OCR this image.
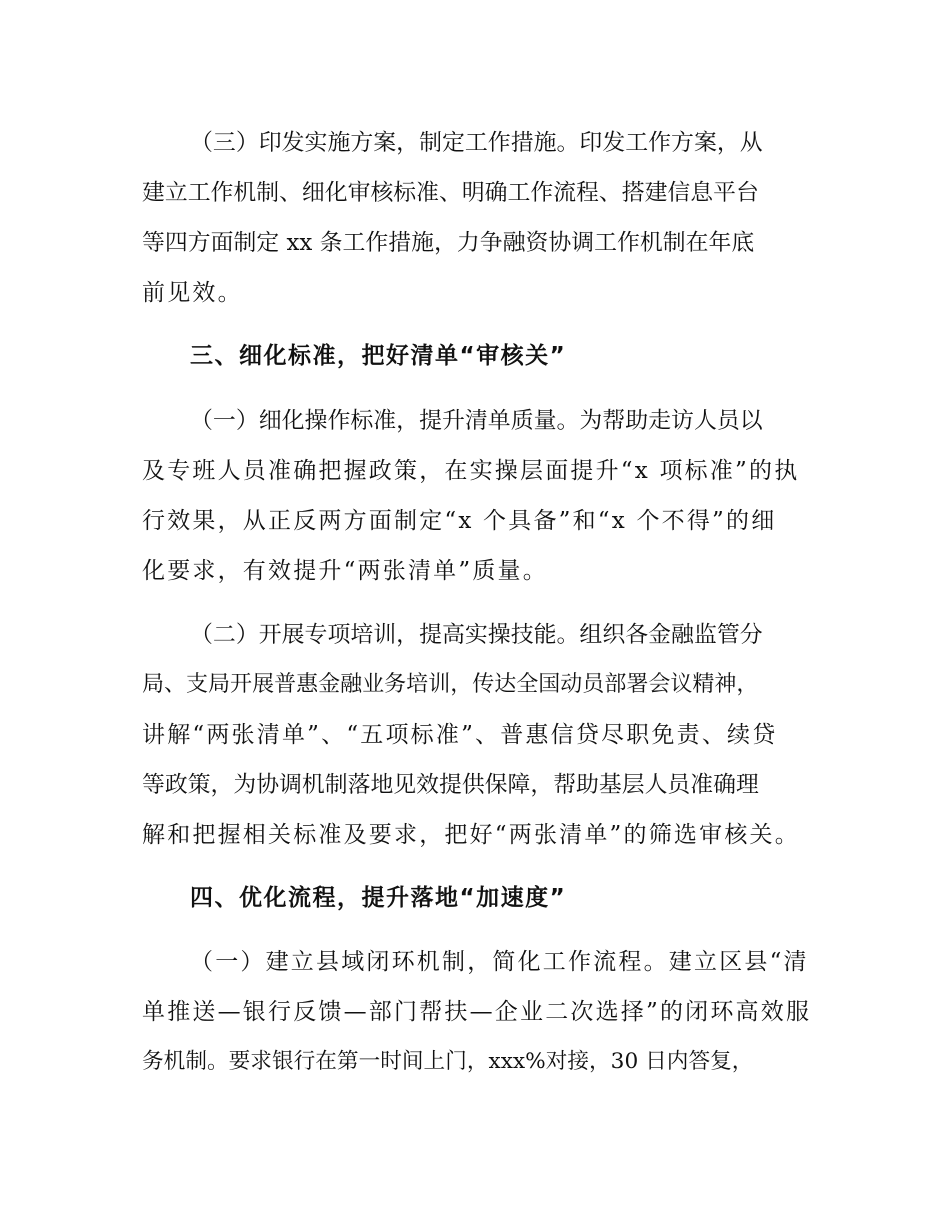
（三）印发实施方案，制定工作措施。印发工作方案，从
建立工作机制、细化审核标准、明确工作流程、搭建信息平台
等四方面制定 xx 条工作措施，力争融资协调工作机制在年底
前见效。
三、细化标准，把好清单“审核关”
（一）细化操作标准，提升清单质量。为帮助走访人员以
及专班人员准确把握政策，在实操层面提升“x 项标准”的执
行效果，从正反两方面制定“x 个具备”和“x 个不得”的细
化要求，有效提升“两张清单”质量。
（二）开展专项培训，提高实操技能。组织各金融监管分
局、支局开展普惠金融业务培训，传达全国动员部署会议精神，
讲解“两张清单”、“五项标准”、普惠信贷尽职免责、续贷
等政策，为协调机制落地见效提供保障，帮助基层人员准确理
解和把握相关标准及要求，把好“两张清单”的筛选审核关。
四、优化流程，提升落地“加速度”
（一）建立县域闭环机制，简化工作流程。建立区县“清
单推送—银行反馈—部门帮扶—企业二次选择”的闭环高效服
务机制。要求银行在第一时间上门，xxx%对接，30 日内答复，
